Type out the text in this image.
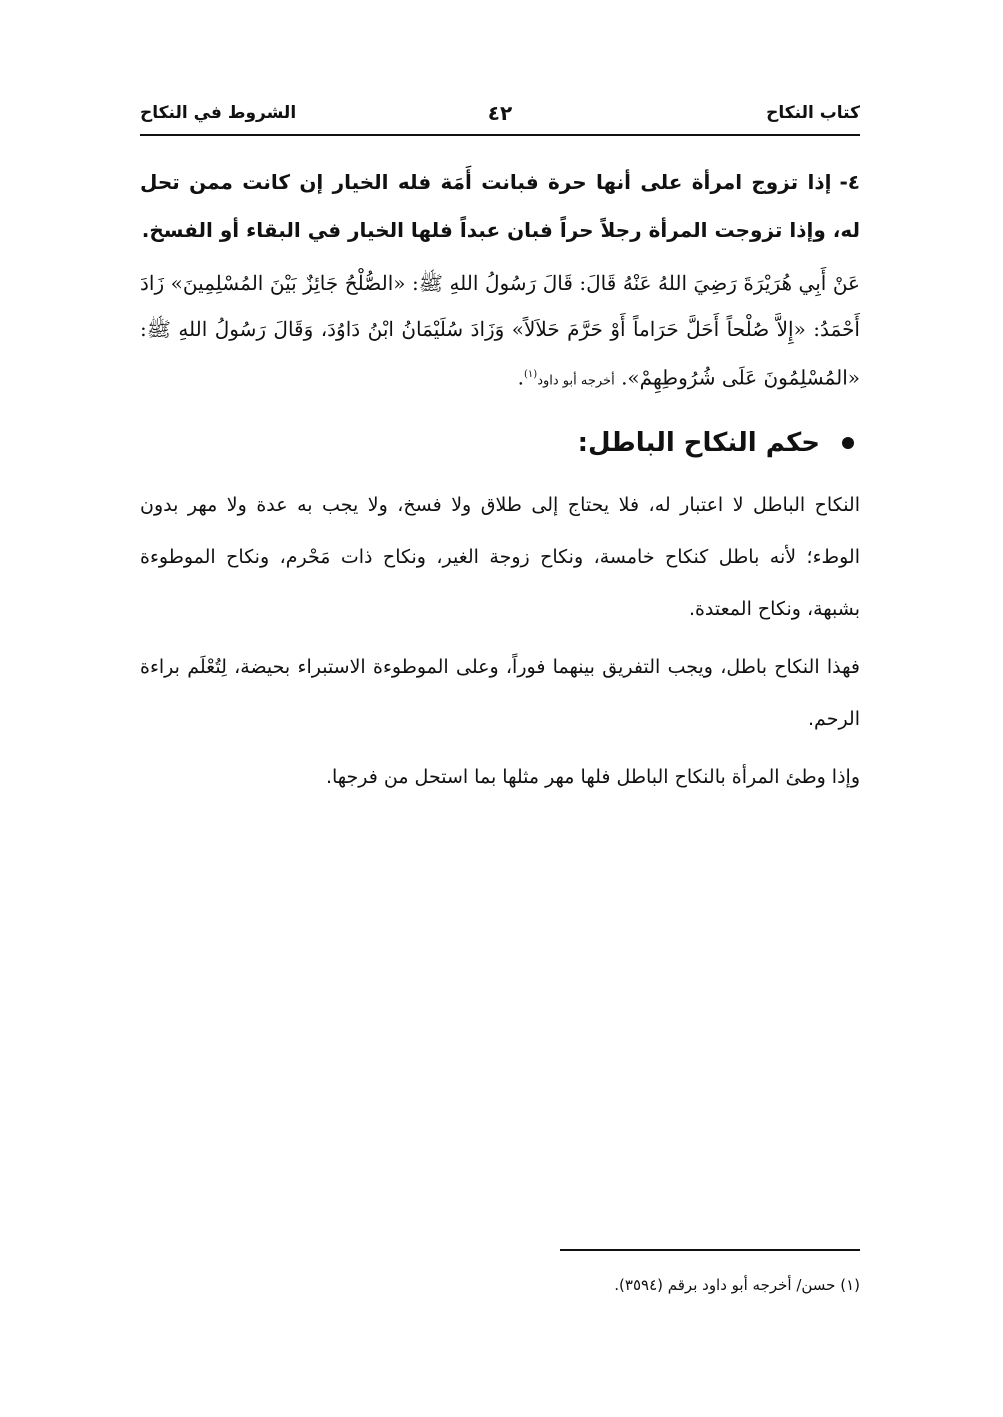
كتاب النكاح
٤٢
الشروط في النكاح

٤-إذا تزوج امرأة على أنها حرة فبانت أَمَة فله الخيار إن كانت ممن تحل له، وإذا تزوجت المرأة رجلاً حراً فبان عبداً فلها الخيار في البقاء أو الفسخ.

عَنْ أَبِي هُرَيْرَةَ رَضِيَ اللهُ عَنْهُ قَالَ: قَالَ رَسُولُ اللهِ ﷺ: «الصُّلْحُ جَائِزٌ بَيْنَ المُسْلِمِينَ» زَادَ أَحْمَدُ: «إِلاَّ صُلْحاً أَحَلَّ حَرَاماً أَوْ حَرَّمَ حَلاَلاً» وَزَادَ سُلَيْمَانُ ابْنُ دَاوُدَ، وَقَالَ رَسُولُ اللهِ ﷺ: «المُسْلِمُونَ عَلَى شُرُوطِهِمْ». أخرجه أبو داود$^{(١)}$.

حكم النكاح الباطل:

النكاح الباطل لا اعتبار له، فلا يحتاج إلى طلاق ولا فسخ، ولا يجب به عدة ولا مهر بدون الوطء؛ لأنه باطل كنكاح خامسة، ونكاح زوجة الغير، ونكاح ذات مَحْرم، ونكاح الموطوءة بشبهة، ونكاح المعتدة.

فهذا النكاح باطل، ويجب التفريق بينهما فوراً، وعلى الموطوءة الاستبراء بحيضة، لِتُعْلَم براءة الرحم.

وإذا وطئ المرأة بالنكاح الباطل فلها مهر مثلها بما استحل من فرجها.

(١) حسن/ أخرجه أبو داود برقم (٣٥٩٤).
